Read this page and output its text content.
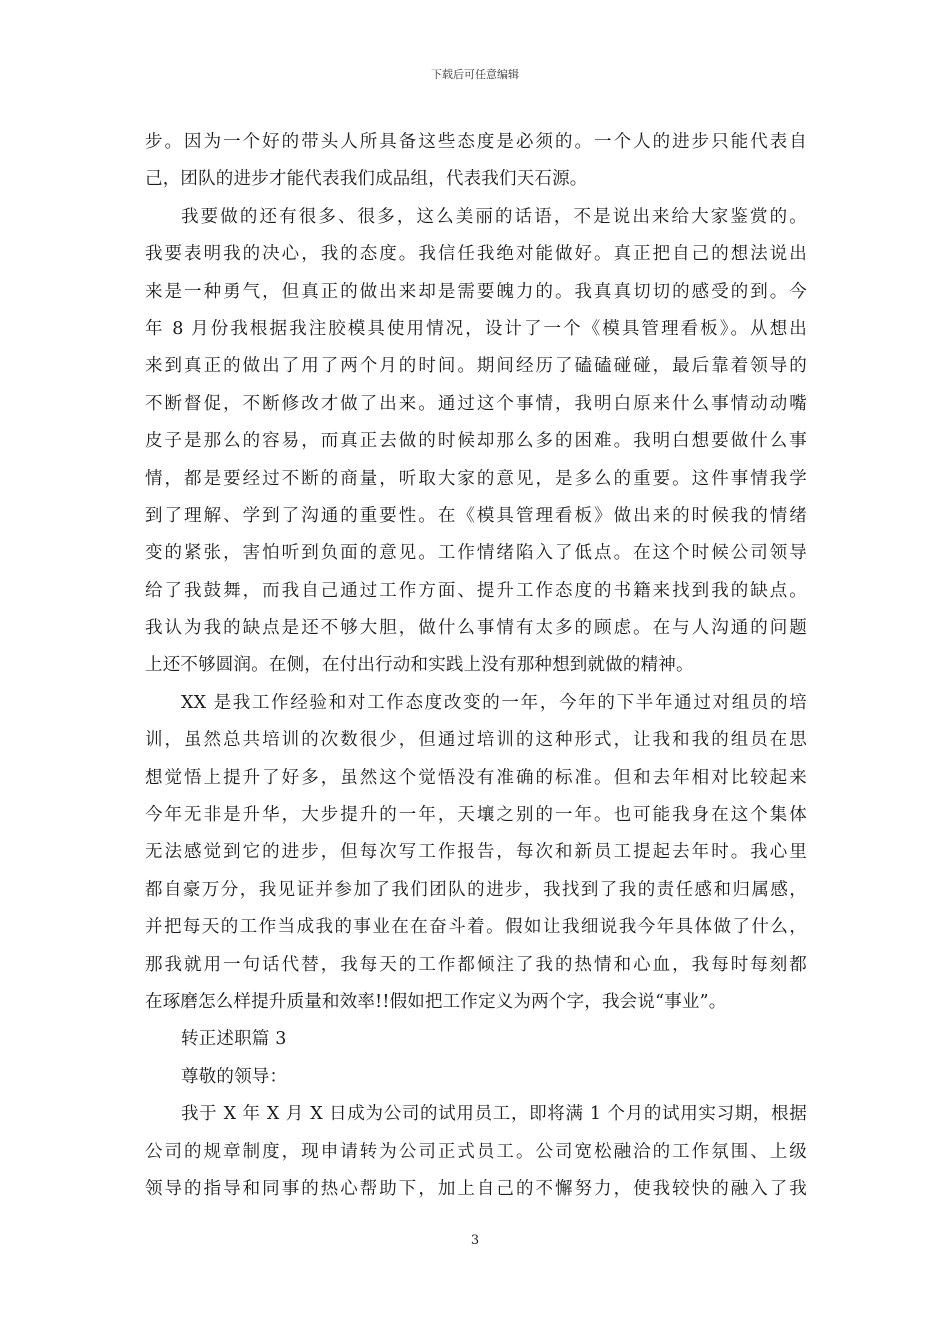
下载后可任意编辑
步。因为一个好的带头人所具备这些态度是必须的。一个人的进步只能代表自
己，团队的进步才能代表我们成品组，代表我们天石源。
我要做的还有很多、很多，这么美丽的话语，不是说出来给大家鉴赏的。
我要表明我的决心，我的态度。我信任我绝对能做好。真正把自己的想法说出
来是一种勇气，但真正的做出来却是需要魄力的。我真真切切的感受的到。今
年 8 月份我根据我注胶模具使用情况，设计了一个《模具管理看板》。从想出
来到真正的做出了用了两个月的时间。期间经历了磕磕碰碰，最后靠着领导的
不断督促，不断修改才做了出来。通过这个事情，我明白原来什么事情动动嘴
皮子是那么的容易，而真正去做的时候却那么多的困难。我明白想要做什么事
情，都是要经过不断的商量，听取大家的意见，是多么的重要。这件事情我学
到了理解、学到了沟通的重要性。在《模具管理看板》做出来的时候我的情绪
变的紧张，害怕听到负面的意见。工作情绪陷入了低点。在这个时候公司领导
给了我鼓舞，而我自己通过工作方面、提升工作态度的书籍来找到我的缺点。
我认为我的缺点是还不够大胆，做什么事情有太多的顾虑。在与人沟通的问题
上还不够圆润。在侧，在付出行动和实践上没有那种想到就做的精神。
XX 是我工作经验和对工作态度改变的一年，今年的下半年通过对组员的培
训，虽然总共培训的次数很少，但通过培训的这种形式，让我和我的组员在思
想觉悟上提升了好多，虽然这个觉悟没有准确的标准。但和去年相对比较起来
今年无非是升华，大步提升的一年，天壤之别的一年。也可能我身在这个集体
无法感觉到它的进步，但每次写工作报告，每次和新员工提起去年时。我心里
都自豪万分，我见证并参加了我们团队的进步，我找到了我的责任感和归属感，
并把每天的工作当成我的事业在在奋斗着。假如让我细说我今年具体做了什么，
那我就用一句话代替，我每天的工作都倾注了我的热情和心血，我每时每刻都
在琢磨怎么样提升质量和效率!!假如把工作定义为两个字，我会说“事业”。
转正述职篇 3
尊敬的领导：
我于 X 年 X 月 X 日成为公司的试用员工，即将满 1 个月的试用实习期，根据
公司的规章制度，现申请转为公司正式员工。公司宽松融洽的工作氛围、上级
领导的指导和同事的热心帮助下，加上自己的不懈努力，使我较快的融入了我
3
